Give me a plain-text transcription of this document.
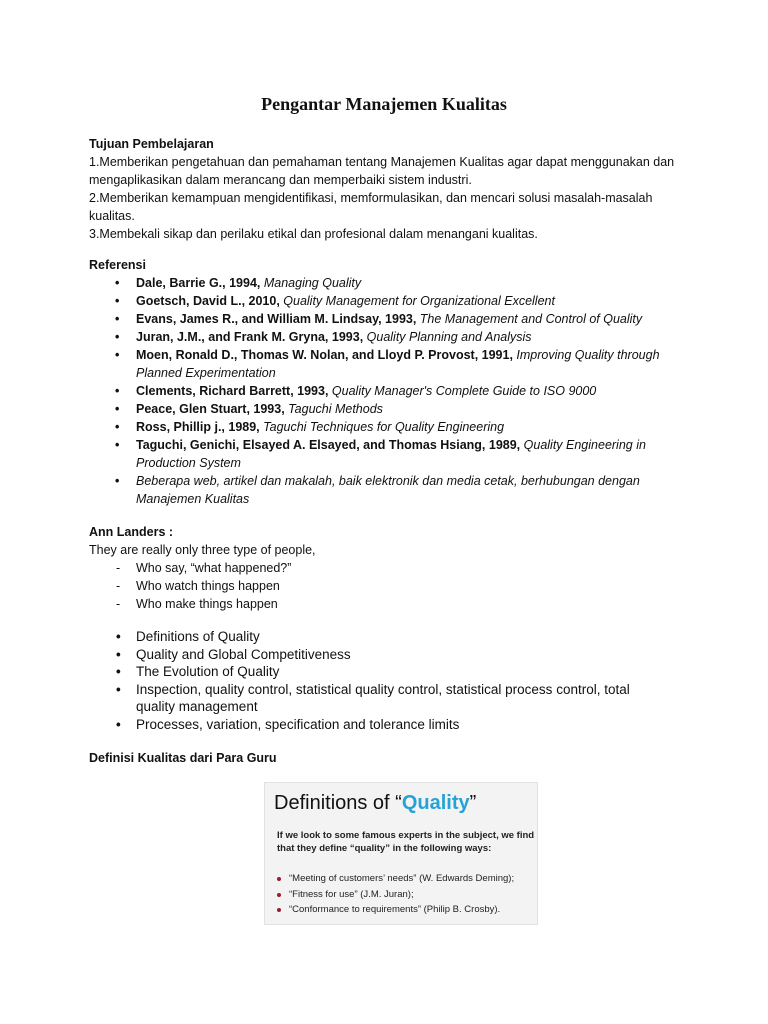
Pengantar Manajemen Kualitas
Tujuan Pembelajaran
1.Memberikan pengetahuan dan pemahaman tentang Manajemen Kualitas agar dapat menggunakan dan mengaplikasikan dalam merancang dan memperbaiki sistem industri.
2.Memberikan kemampuan mengidentifikasi, memformulasikan, dan mencari solusi masalah-masalah kualitas.
3.Membekali sikap dan perilaku etikal dan profesional dalam menangani kualitas.
Referensi
• Dale, Barrie G., 1994, Managing Quality
• Goetsch, David L., 2010, Quality Management for Organizational Excellent
• Evans, James R., and William M. Lindsay, 1993, The Management and Control of Quality
• Juran, J.M., and Frank M. Gryna, 1993, Quality Planning and Analysis
• Moen, Ronald D., Thomas W. Nolan, and Lloyd P. Provost, 1991, Improving Quality through Planned Experimentation
• Clements, Richard Barrett, 1993, Quality Manager's Complete Guide to ISO 9000
• Peace, Glen Stuart, 1993, Taguchi Methods
• Ross, Phillip j., 1989, Taguchi Techniques for Quality Engineering
• Taguchi, Genichi, Elsayed A. Elsayed, and Thomas Hsiang, 1989, Quality Engineering in Production System
• Beberapa web, artikel dan makalah, baik elektronik dan media cetak, berhubungan dengan Manajemen Kualitas
Ann Landers :
They are really only three type of people,
- Who say, “what happened?”
- Who watch things happen
- Who make things happen
• Definitions of Quality
• Quality and Global Competitiveness
• The Evolution of Quality
• Inspection, quality control, statistical quality control, statistical process control, total quality management
• Processes, variation, specification and tolerance limits
Definisi Kualitas dari Para Guru
Definitions of “Quality”
If we look to some famous experts in the subject, we find that they define “quality” in the following ways:
“Meeting of customers’ needs” (W. Edwards Deming);
“Fitness for use” (J.M. Juran);
“Conformance to requirements” (Philip B. Crosby).
